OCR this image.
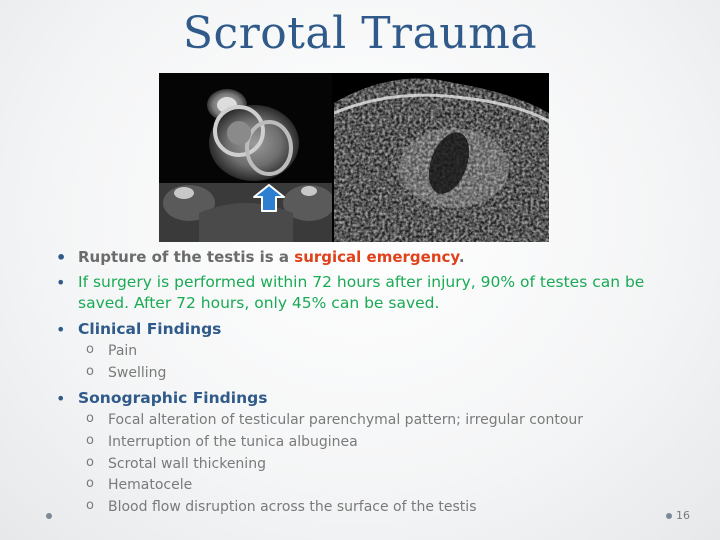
Scrotal Trauma
• Rupture of the testis is a surgical emergency.
• If surgery is performed within 72 hours after injury, 90% of testes can be saved. After 72 hours, only 45% can be saved.
• Clinical Findings
o Pain
o Swelling
• Sonographic Findings
o Focal alteration of testicular parenchymal pattern; irregular contour
o Interruption of the tunica albuginea
o Scrotal wall thickening
o Hematocele
o Blood flow disruption across the surface of the testis
16
